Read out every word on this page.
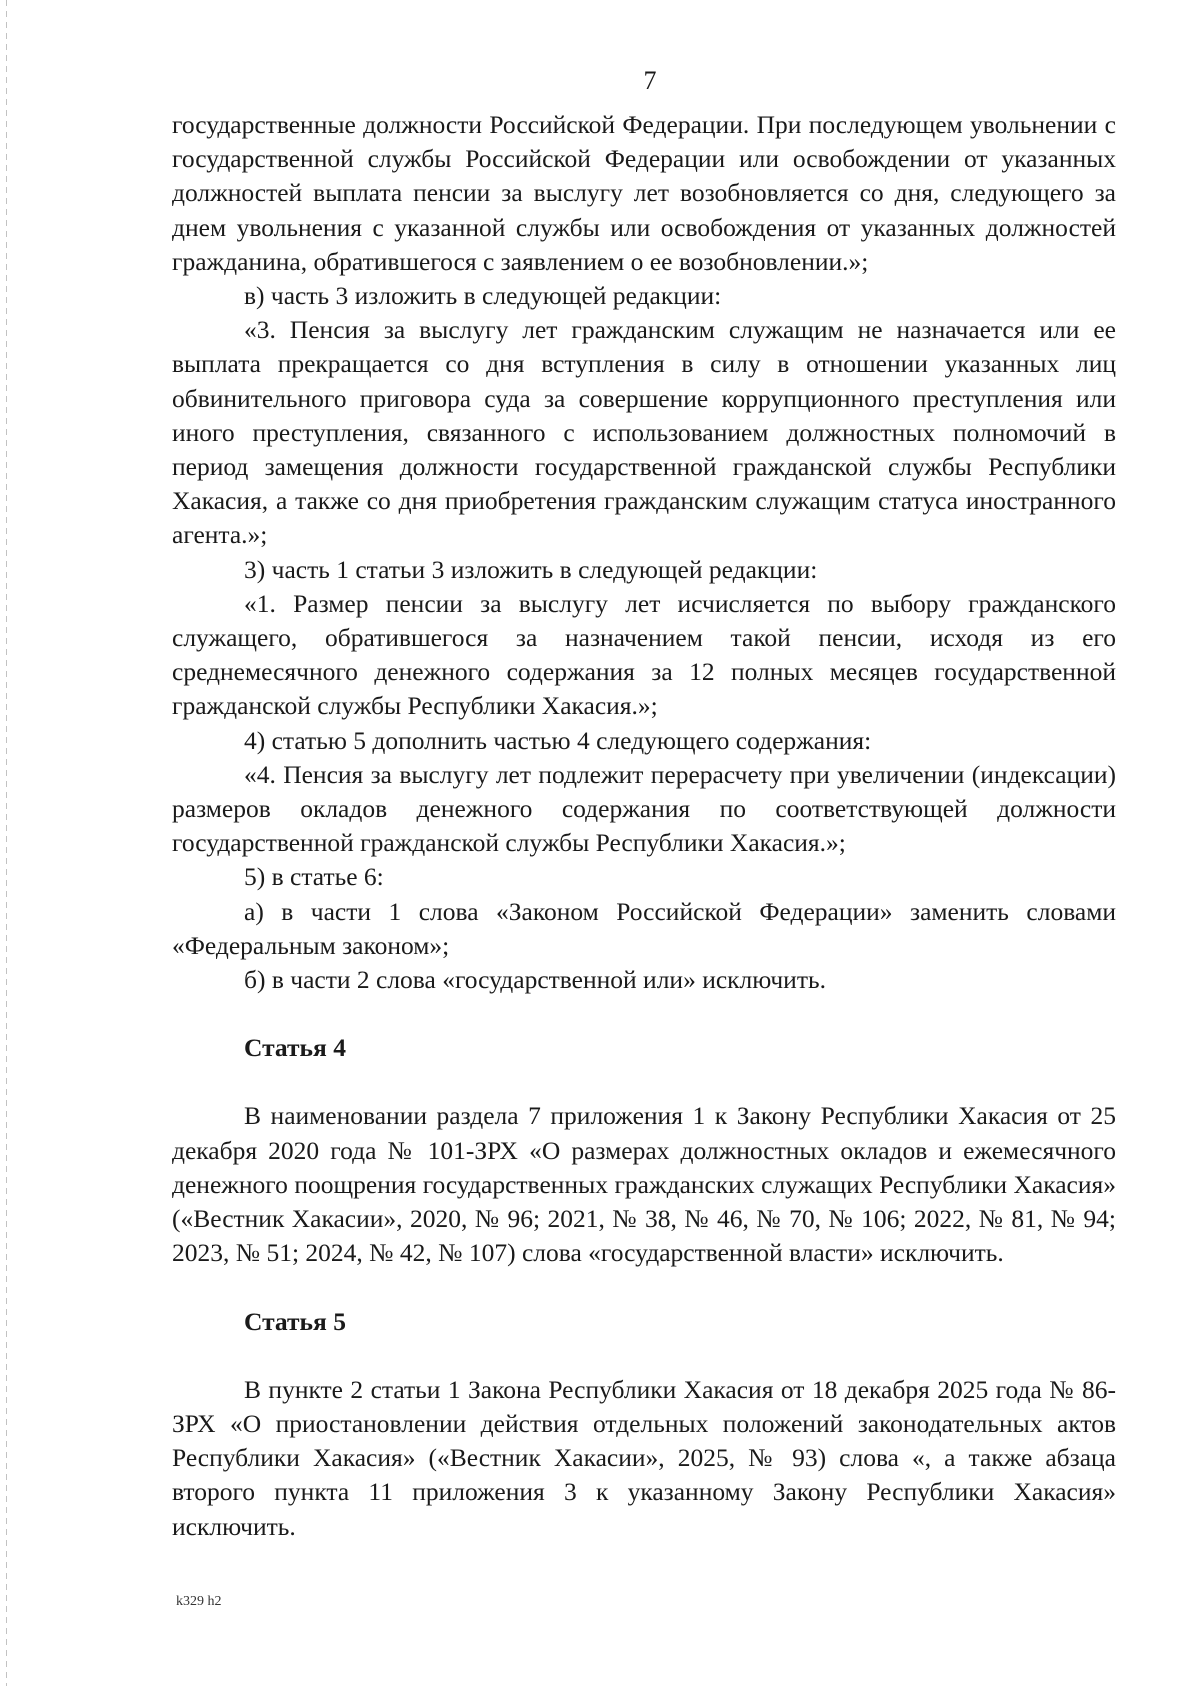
7

государственные должности Российской Федерации. При последующем увольнении с государственной службы Российской Федерации или освобождении от указанных должностей выплата пенсии за выслугу лет возобновляется со дня, следующего за днем увольнения с указанной службы или освобождения от указанных должностей гражданина, обратившегося с заявлением о ее возобновлении.»;

в) часть 3 изложить в следующей редакции:

«3. Пенсия за выслугу лет гражданским служащим не назначается или ее выплата прекращается со дня вступления в силу в отношении указанных лиц обвинительного приговора суда за совершение коррупционного преступления или иного преступления, связанного с использованием должностных полномочий в период замещения должности государственной гражданской службы Республики Хакасия, а также со дня приобретения гражданским служащим статуса иностранного агента.»;

3) часть 1 статьи 3 изложить в следующей редакции:

«1. Размер пенсии за выслугу лет исчисляется по выбору гражданского служащего, обратившегося за назначением такой пенсии, исходя из его среднемесячного денежного содержания за 12 полных месяцев государственной гражданской службы Республики Хакасия.»;

4) статью 5 дополнить частью 4 следующего содержания:

«4. Пенсия за выслугу лет подлежит перерасчету при увеличении (индексации) размеров окладов денежного содержания по соответствующей должности государственной гражданской службы Республики Хакасия.»;

5) в статье 6:

а) в части 1 слова «Законом Российской Федерации» заменить словами «Федеральным законом»;

б) в части 2 слова «государственной или» исключить.

Статья 4

В наименовании раздела 7 приложения 1 к Закону Республики Хакасия от 25 декабря 2020 года № 101-ЗРХ «О размерах должностных окладов и ежемесячного денежного поощрения государственных гражданских служащих Республики Хакасия» («Вестник Хакасии», 2020, № 96; 2021, № 38, № 46, № 70, № 106; 2022, № 81, № 94; 2023, № 51; 2024, № 42, № 107) слова «государственной власти» исключить.

Статья 5

В пункте 2 статьи 1 Закона Республики Хакасия от 18 декабря 2025 года № 86-ЗРХ «О приостановлении действия отдельных положений законодательных актов Республики Хакасия» («Вестник Хакасии», 2025, № 93) слова «, а также абзаца второго пункта 11 приложения 3 к указанному Закону Республики Хакасия» исключить.

k329 h2
